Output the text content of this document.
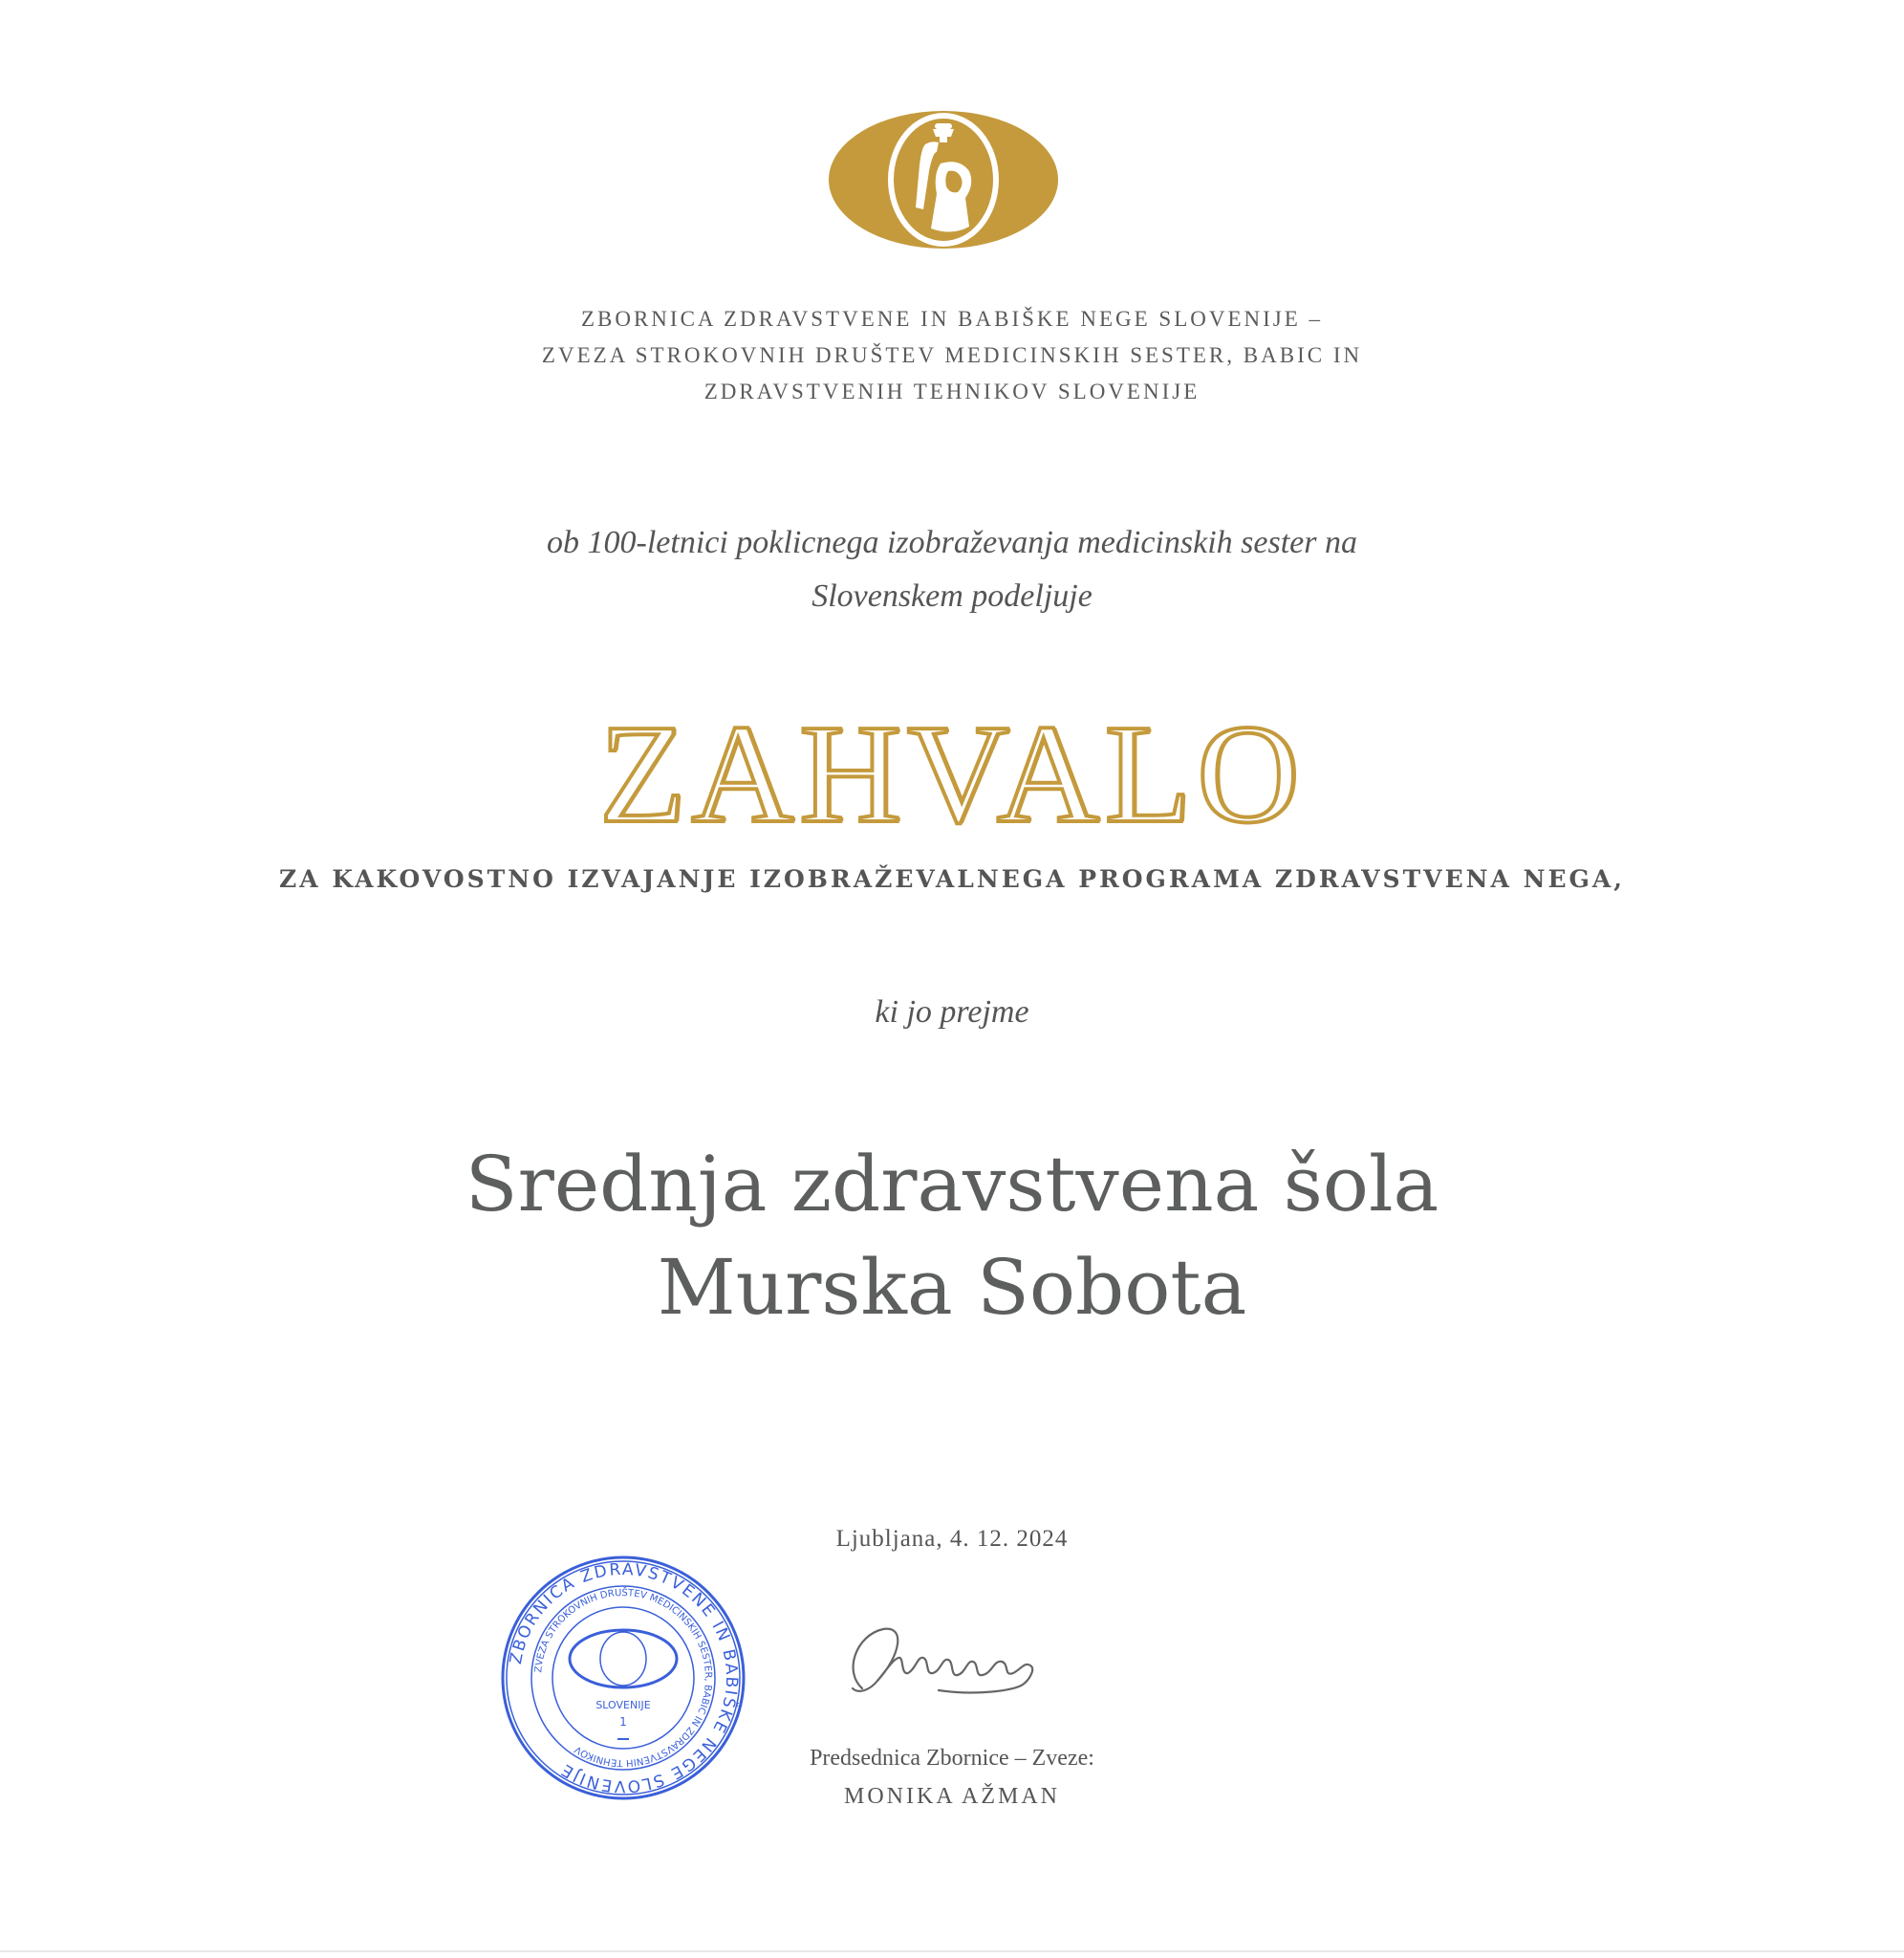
ZBORNICA ZDRAVSTVENE IN BABIŠKE NEGE SLOVENIJE –
ZVEZA STROKOVNIH DRUŠTEV MEDICINSKIH SESTER, BABIC IN
ZDRAVSTVENIH TEHNIKOV SLOVENIJE
ob 100-letnici poklicnega izobraževanja medicinskih sester na
Slovenskem podeljuje
ZAHVALO
ZA KAKOVOSTNO IZVAJANJE IZOBRAŽEVALNEGA PROGRAMA ZDRAVSTVENA NEGA,
ki jo prejme
Srednja zdravstvena šola
Murska Sobota
Ljubljana, 4. 12. 2024
ZBORNICA ZDRAVSTVENE IN BABIŠKE NEGE SLOVENIJE
ZVEZA STROKOVNIH DRUŠTEV MEDICINSKIH SESTER, BABIC IN ZDRAVSTVENIH TEHNIKOV
SLOVENIJE
1
Predsednica Zbornice – Zveze:
MONIKA AŽMAN
